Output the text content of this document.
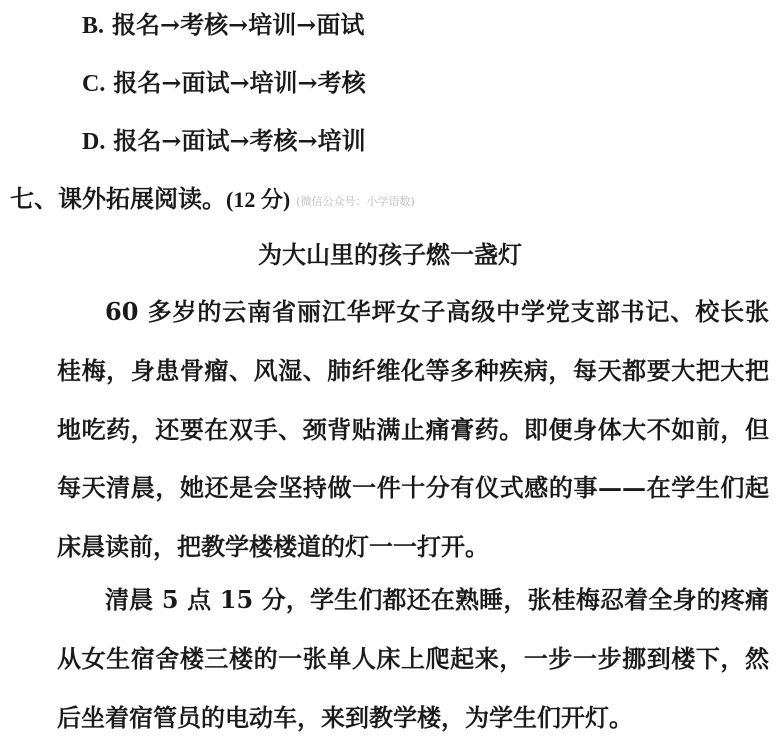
B. 报名→考核→培训→面试
C. 报名→面试→培训→考核
D. 报名→面试→考核→培训
七、课外拓展阅读。(12 分) (微信公众号：小学语数)
为大山里的孩子燃一盏灯
60 多岁的云南省丽江华坪女子高级中学党支部书记、校长张桂梅，身患骨瘤、风湿、肺纤维化等多种疾病，每天都要大把大把地吃药，还要在双手、颈背贴满止痛膏药。即便身体大不如前，但每天清晨，她还是会坚持做一件十分有仪式感的事——在学生们起床晨读前，把教学楼楼道的灯一一打开。
清晨 5 点 15 分，学生们都还在熟睡，张桂梅忍着全身的疼痛从女生宿舍楼三楼的一张单人床上爬起来，一步一步挪到楼下，然后坐着宿管员的电动车，来到教学楼，为学生们开灯。
